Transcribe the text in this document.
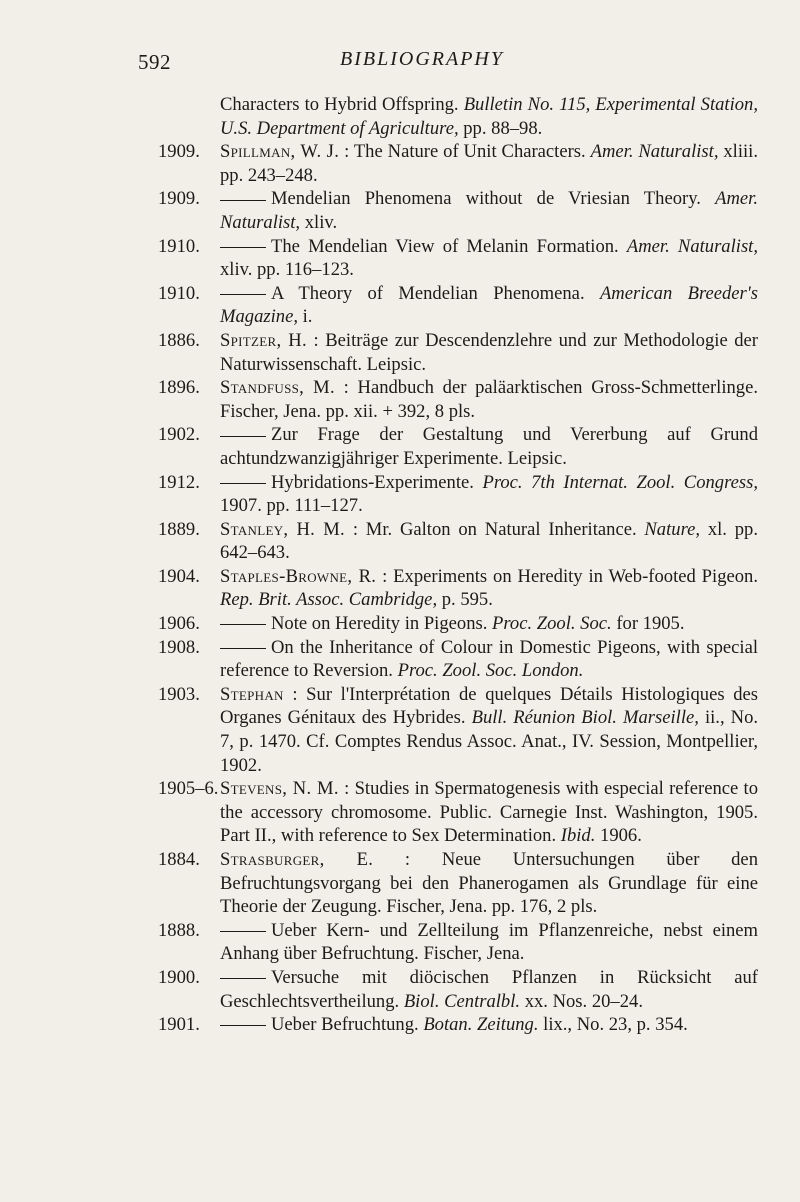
592	BIBLIOGRAPHY
Characters to Hybrid Offspring. Bulletin No. 115, Experimental Station, U.S. Department of Agriculture, pp. 88–98.
1909. Spillman, W. J. : The Nature of Unit Characters. Amer. Naturalist, xliii. pp. 243–248.
1909.	Mendelian Phenomena without de Vriesian Theory. Amer. Naturalist, xliv.
1910.	The Mendelian View of Melanin Formation. Amer. Naturalist, xliv. pp. 116–123.
1910.	A Theory of Mendelian Phenomena. American Breeder's Magazine, i.
1886. Spitzer, H. : Beiträge zur Descendenzlehre und zur Methodologie der Naturwissenschaft. Leipsic.
1896. Standfuss, M. : Handbuch der paläarktischen Gross-Schmetterlinge. Fischer, Jena. pp. xii. + 392, 8 pls.
1902.	Zur Frage der Gestaltung und Vererbung auf Grund achtundzwanzigjähriger Experimente. Leipsic.
1912.	Hybridations-Experimente. Proc. 7th Internat. Zool. Congress, 1907. pp. 111–127.
1889. Stanley, H. M. : Mr. Galton on Natural Inheritance. Nature, xl. pp. 642–643.
1904. Staples-Browne, R. : Experiments on Heredity in Web-footed Pigeon. Rep. Brit. Assoc. Cambridge, p. 595.
1906.	Note on Heredity in Pigeons. Proc. Zool. Soc. for 1905.
1908.	On the Inheritance of Colour in Domestic Pigeons, with special reference to Reversion. Proc. Zool. Soc. London.
1903. Stephan : Sur l'Interprétation de quelques Détails Histologiques des Organes Génitaux des Hybrides. Bull. Réunion Biol. Marseille, ii., No. 7, p. 1470. Cf. Comptes Rendus Assoc. Anat., IV. Session, Montpellier, 1902.
1905–6. Stevens, N. M. : Studies in Spermatogenesis with especial reference to the accessory chromosome. Public. Carnegie Inst. Washington, 1905. Part II., with reference to Sex Determination. Ibid. 1906.
1884. Strasburger, E. : Neue Untersuchungen über den Befruchtungsvorgang bei den Phanerogamen als Grundlage für eine Theorie der Zeugung. Fischer, Jena. pp. 176, 2 pls.
1888.	Ueber Kern- und Zellteilung im Pflanzenreiche, nebst einem Anhang über Befruchtung. Fischer, Jena.
1900.	Versuche mit diöcischen Pflanzen in Rücksicht auf Geschlechtsvertheilung. Biol. Centralbl. xx. Nos. 20–24.
1901.	Ueber Befruchtung. Botan. Zeitung. lix., No. 23, p. 354.
